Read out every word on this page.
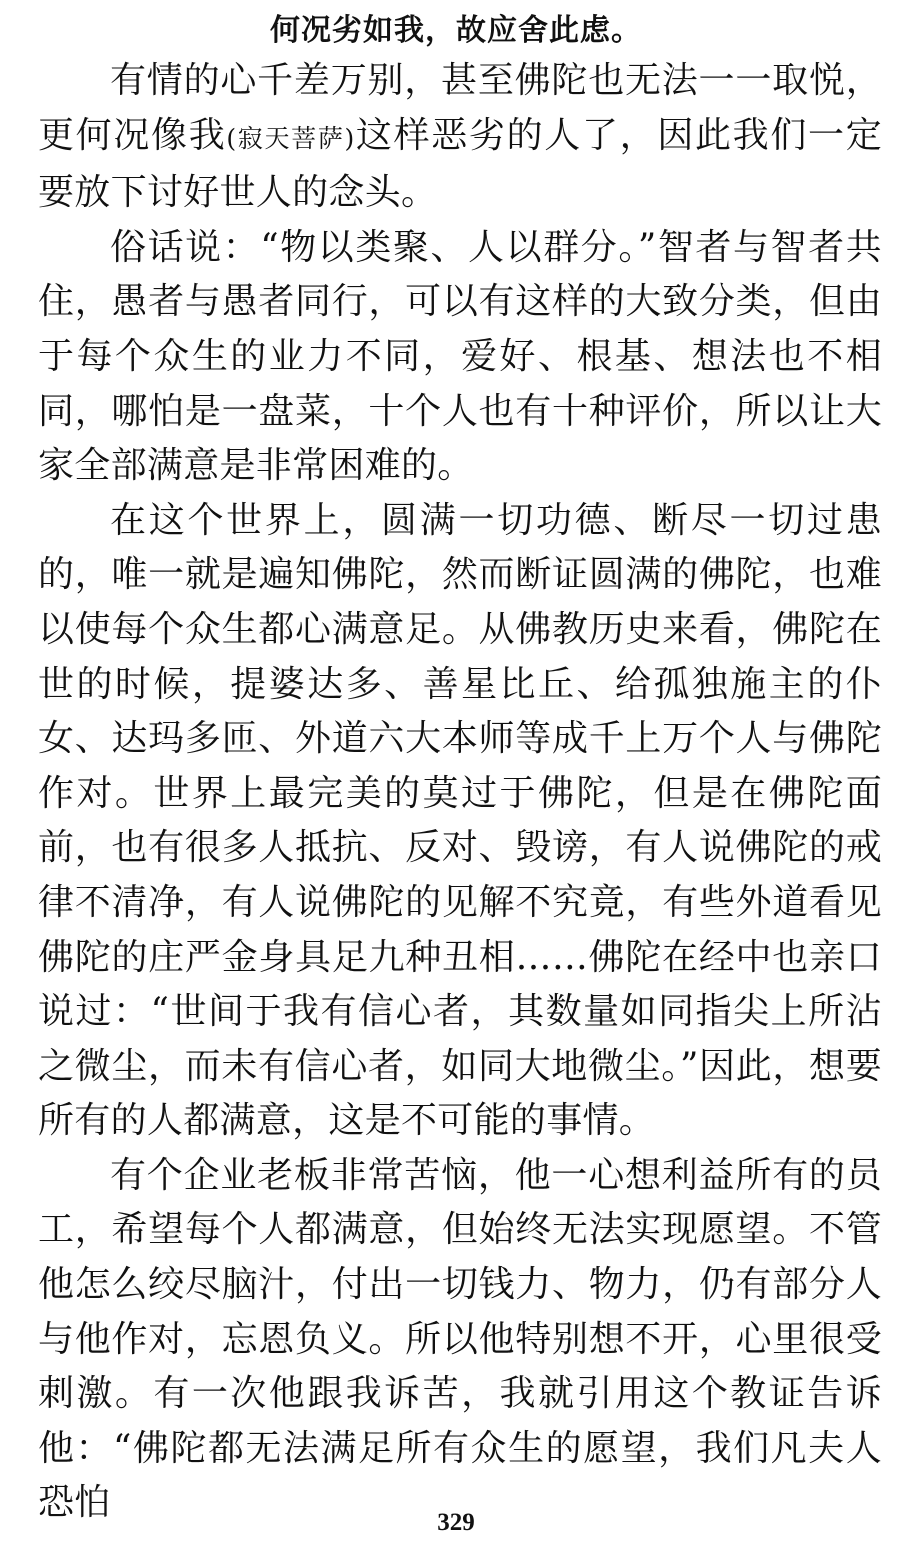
何况劣如我，故应舍此虑。

有情的心千差万别，甚至佛陀也无法一一取悦，更何况像我(寂天菩萨)这样恶劣的人了，因此我们一定要放下讨好世人的念头。

俗话说：“物以类聚、人以群分。”智者与智者共住，愚者与愚者同行，可以有这样的大致分类，但由于每个众生的业力不同，爱好、根基、想法也不相同，哪怕是一盘菜，十个人也有十种评价，所以让大家全部满意是非常困难的。

在这个世界上，圆满一切功德、断尽一切过患的，唯一就是遍知佛陀，然而断证圆满的佛陀，也难以使每个众生都心满意足。从佛教历史来看，佛陀在世的时候，提婆达多、善星比丘、给孤独施主的仆女、达玛多匝、外道六大本师等成千上万个人与佛陀作对。世界上最完美的莫过于佛陀，但是在佛陀面前，也有很多人抵抗、反对、毁谤，有人说佛陀的戒律不清净，有人说佛陀的见解不究竟，有些外道看见佛陀的庄严金身具足九种丑相……佛陀在经中也亲口说过：“世间于我有信心者，其数量如同指尖上所沾之微尘，而未有信心者，如同大地微尘。”因此，想要所有的人都满意，这是不可能的事情。

有个企业老板非常苦恼，他一心想利益所有的员工，希望每个人都满意，但始终无法实现愿望。不管他怎么绞尽脑汁，付出一切钱力、物力，仍有部分人与他作对，忘恩负义。所以他特别想不开，心里很受刺激。有一次他跟我诉苦，我就引用这个教证告诉他：“佛陀都无法满足所有众生的愿望，我们凡夫人恐怕	329
